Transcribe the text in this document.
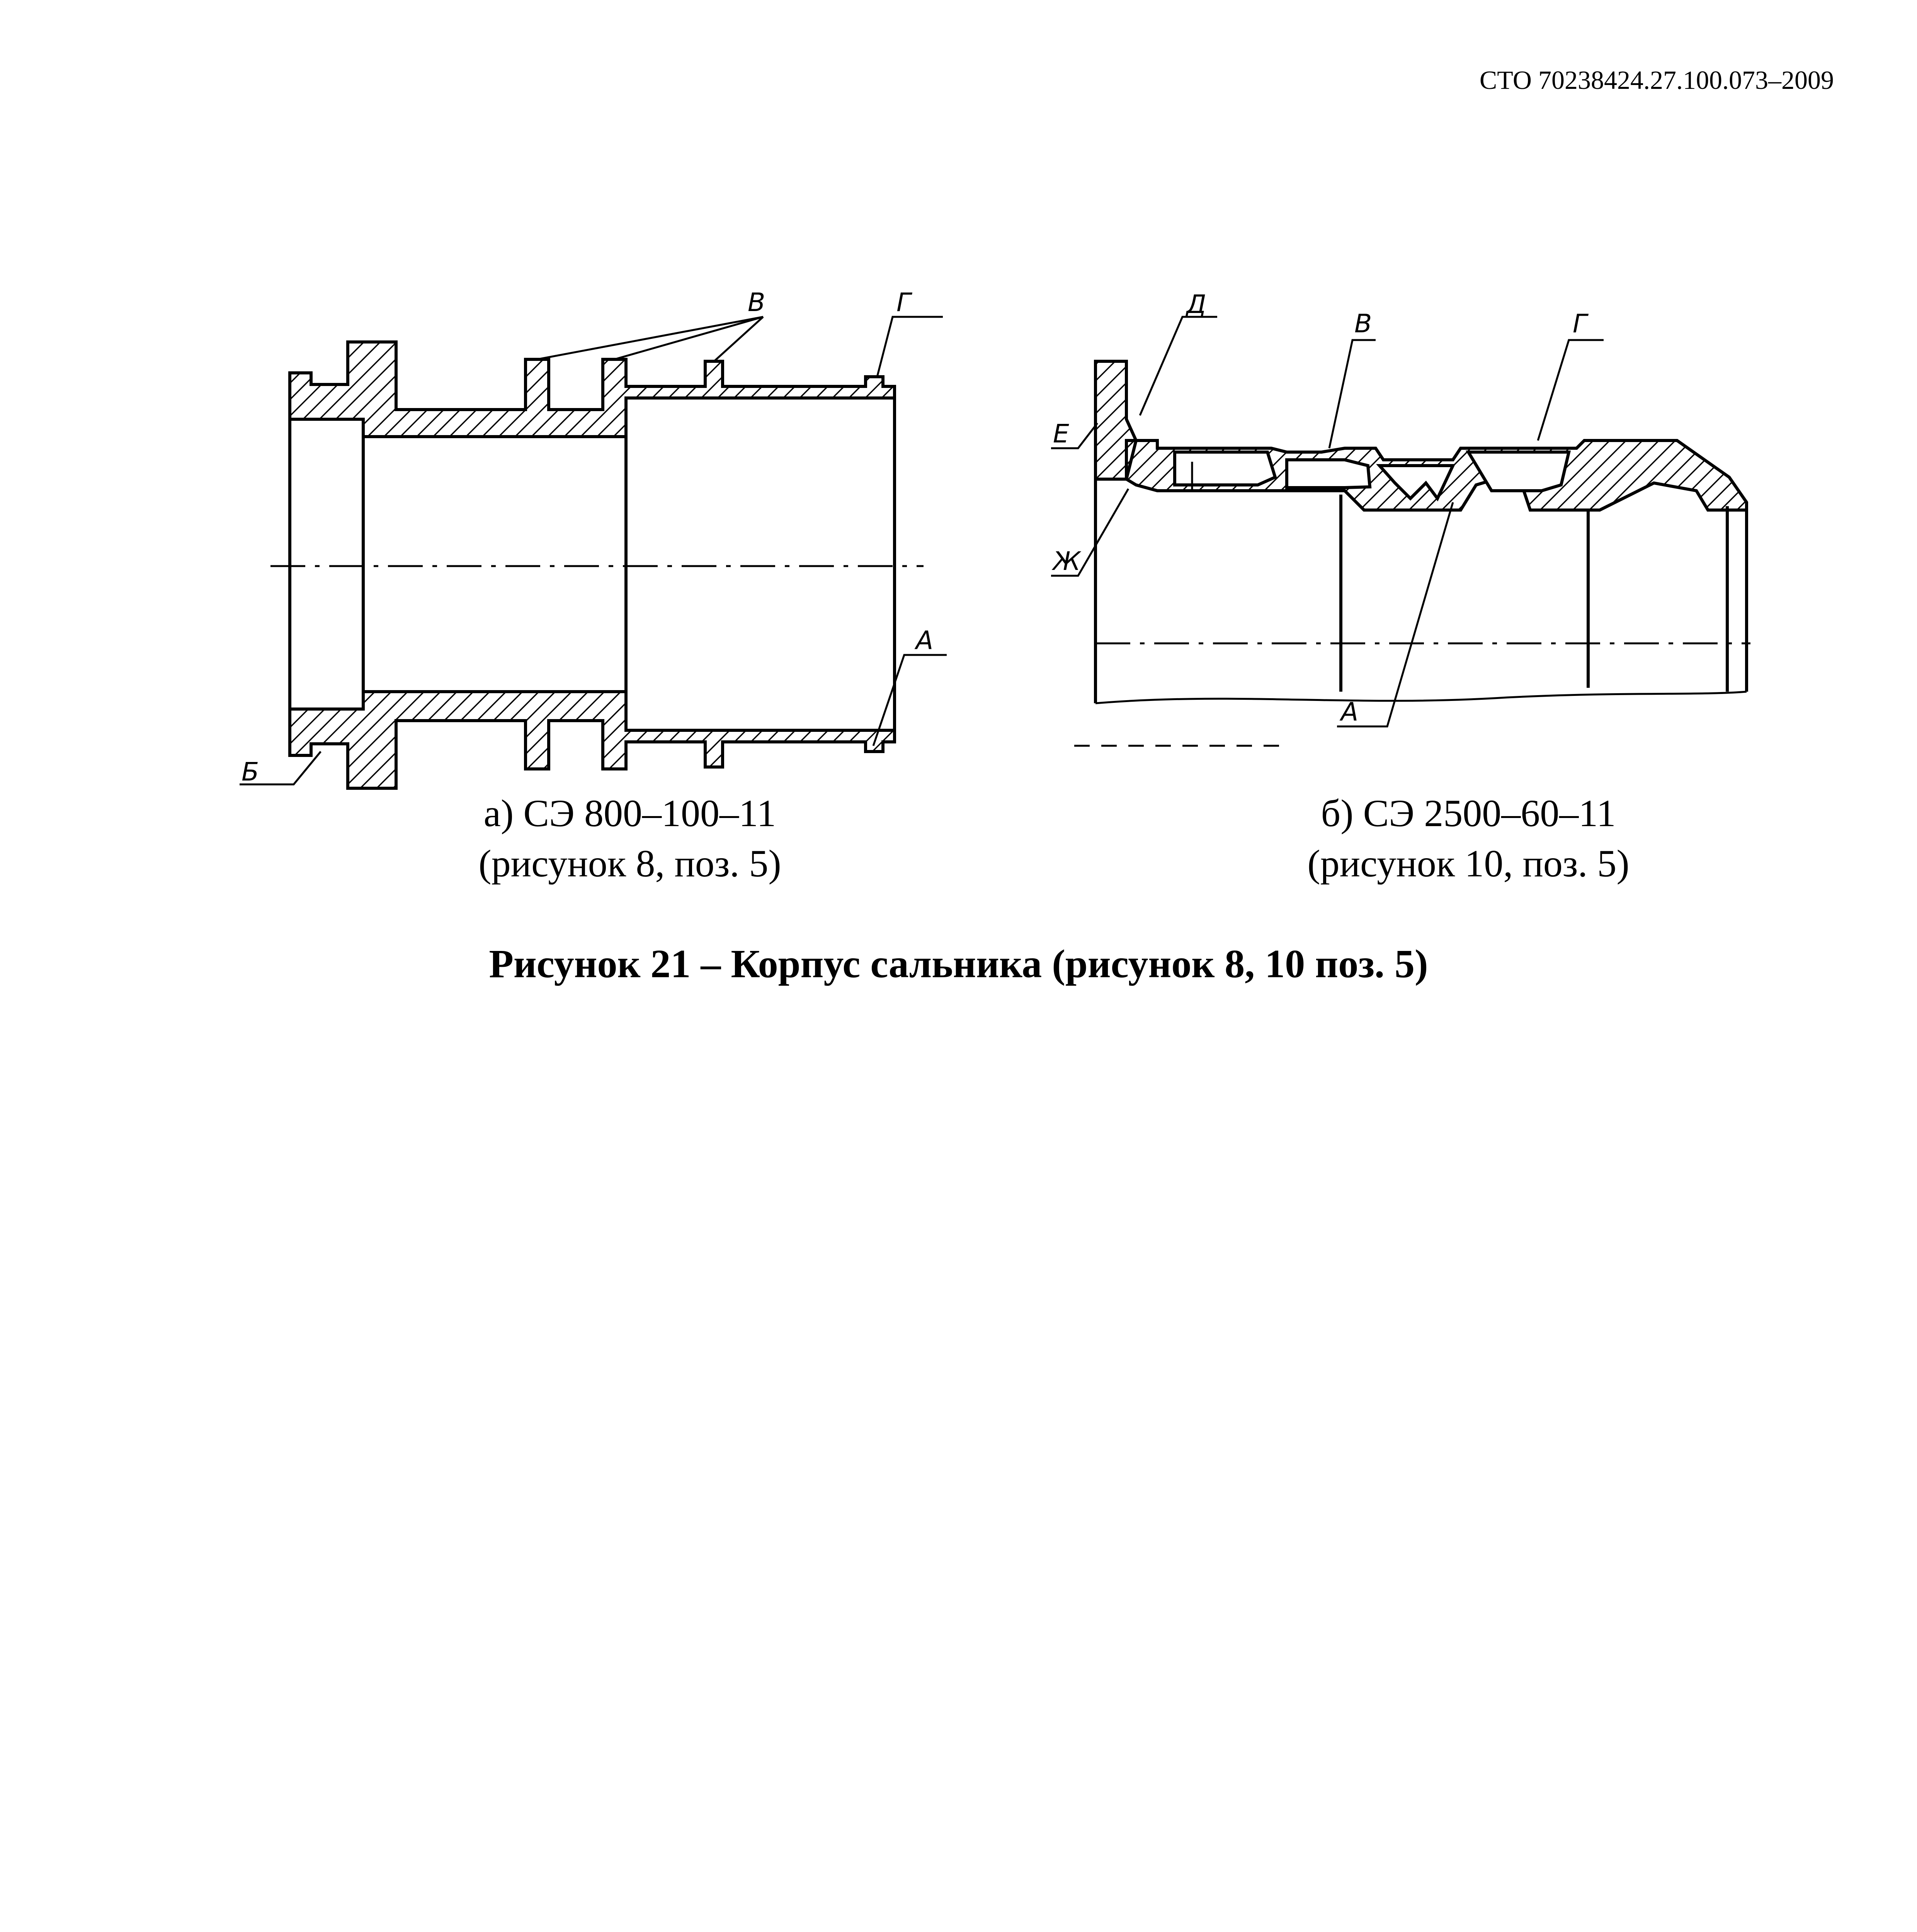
СТО 70238424.27.100.073–2009
В	Г
А
Б
Д
В	Г
Е
Ж
А
а) СЭ 800–100–11
(рисунок 8, поз. 5)
б) СЭ 2500–60–11
(рисунок 10, поз. 5)
Рисунок 21 – Корпус сальника (рисунок 8, 10 поз. 5)
